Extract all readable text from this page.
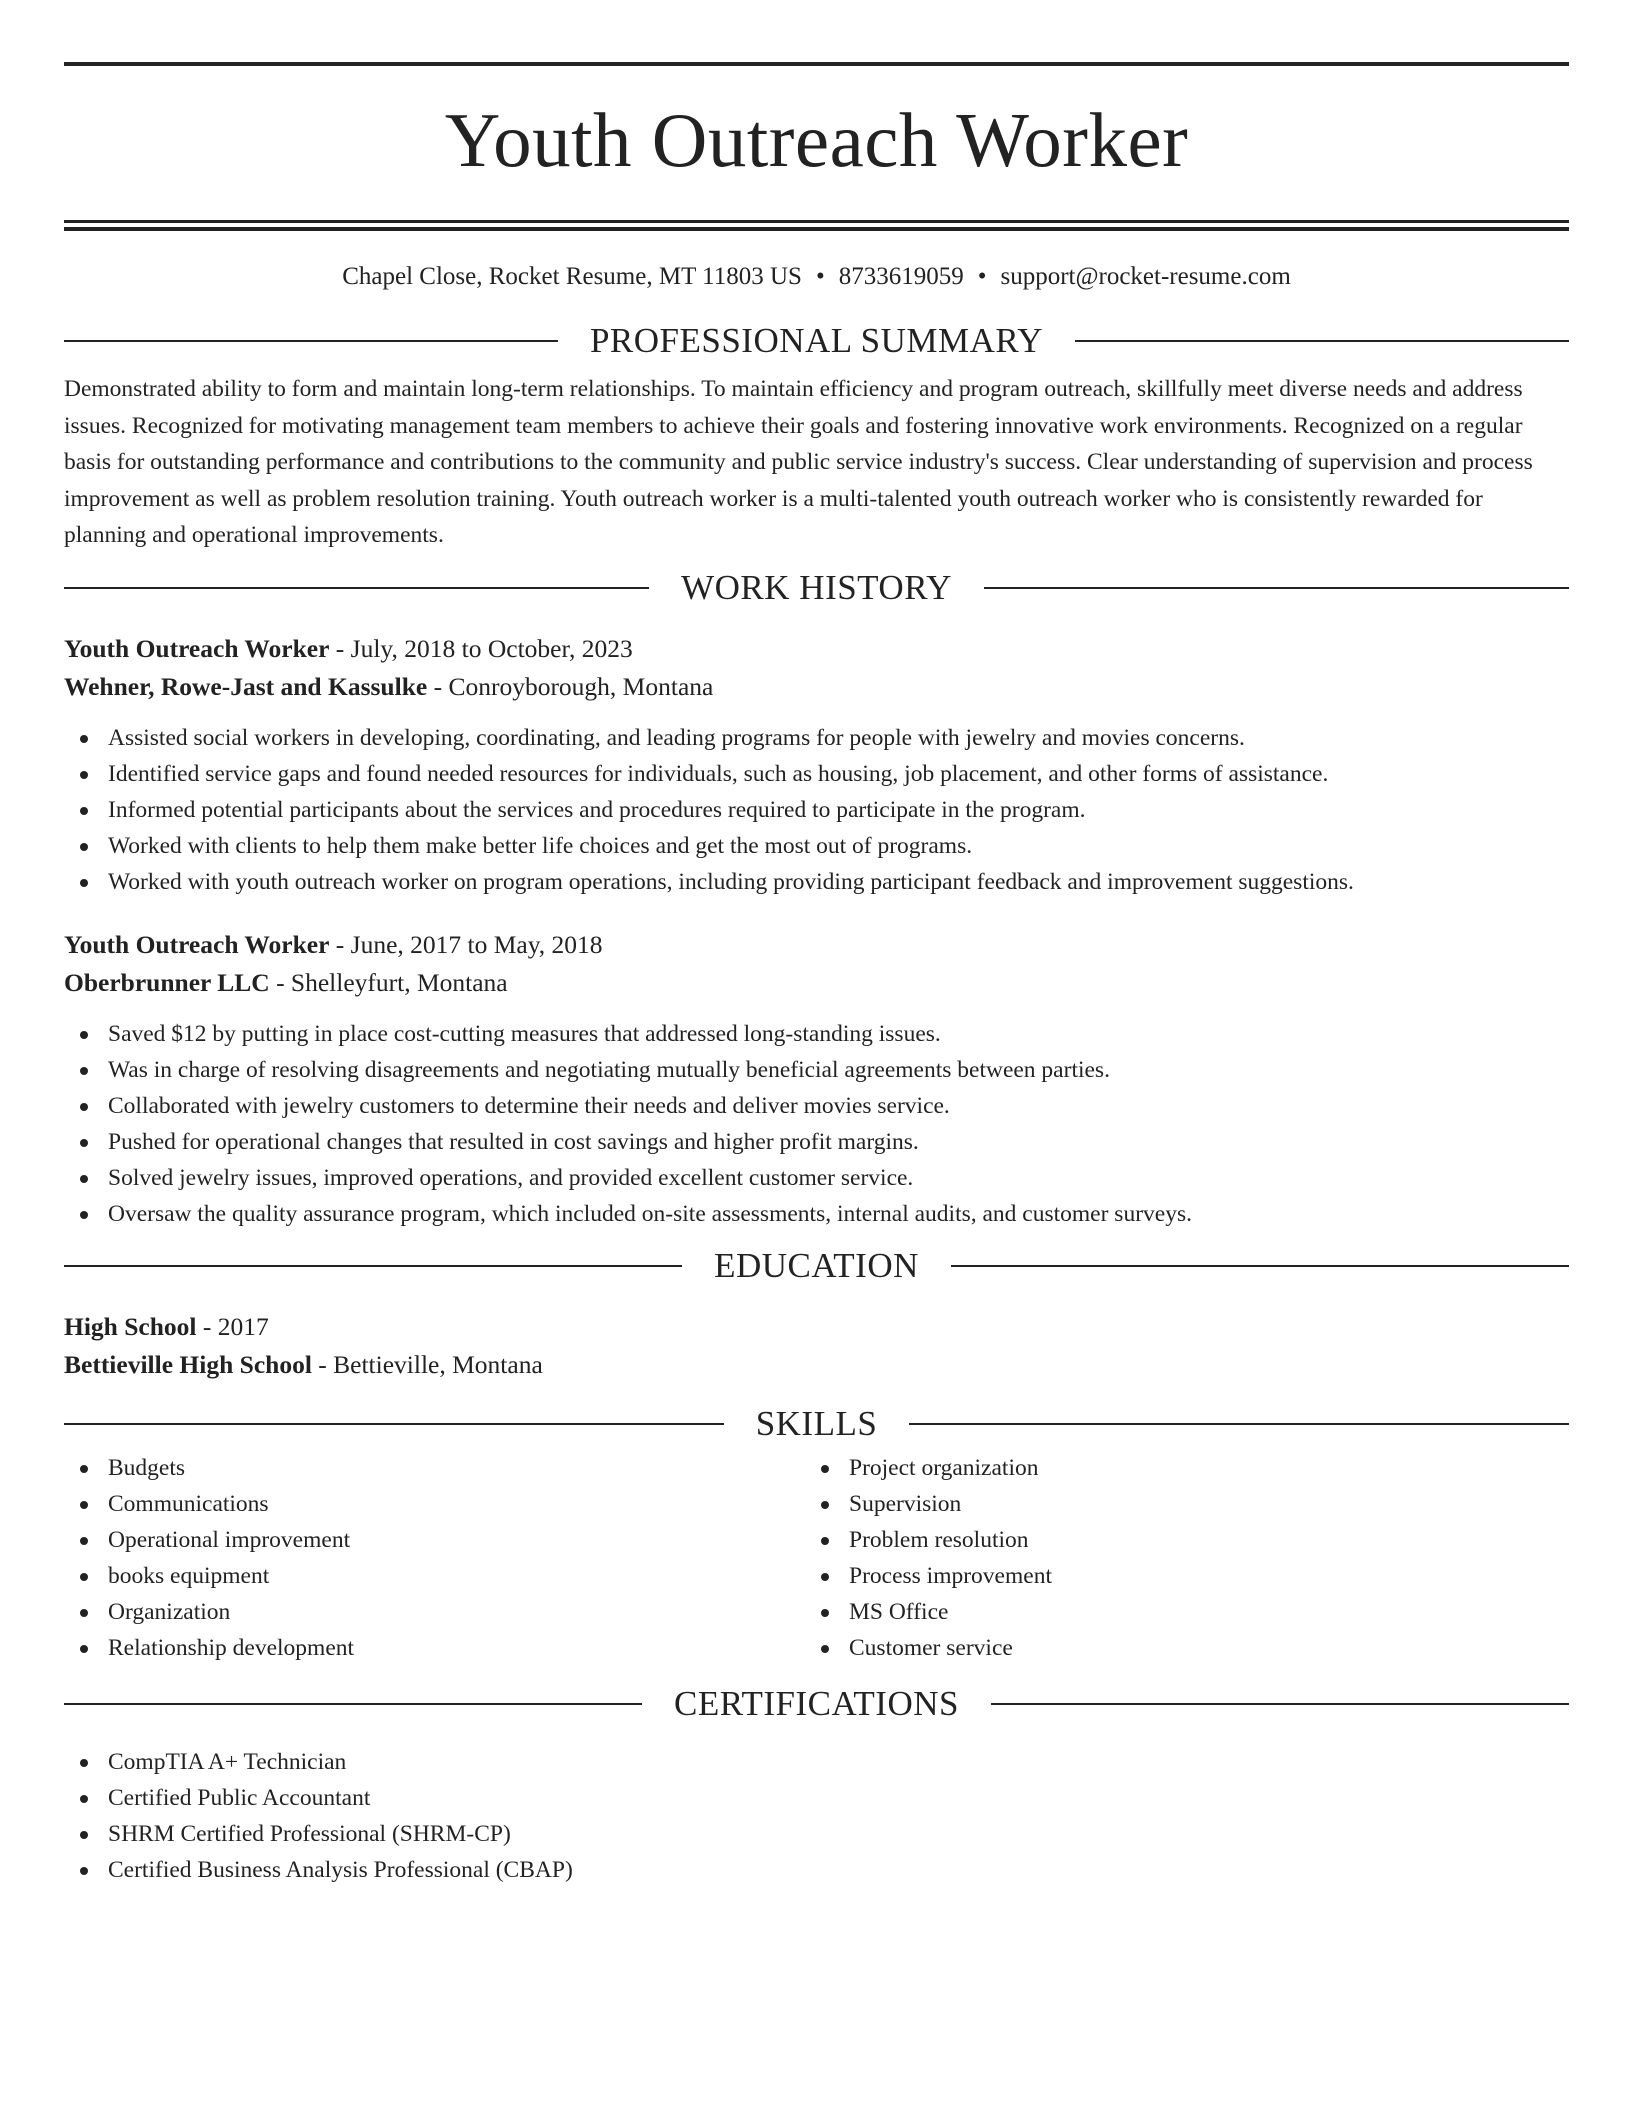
Youth Outreach Worker
Chapel Close, Rocket Resume, MT 11803 US • 8733619059 • support@rocket-resume.com
PROFESSIONAL SUMMARY

Demonstrated ability to form and maintain long-term relationships. To maintain efficiency and program outreach, skillfully meet diverse needs and address issues. Recognized for motivating management team members to achieve their goals and fostering innovative work environments. Recognized on a regular basis for outstanding performance and contributions to the community and public service industry's success. Clear understanding of supervision and process improvement as well as problem resolution training. Youth outreach worker is a multi-talented youth outreach worker who is consistently rewarded for planning and operational improvements.

WORK HISTORY
Youth Outreach Worker - July, 2018 to October, 2023
Wehner, Rowe-Jast and Kassulke - Conroyborough, Montana
Assisted social workers in developing, coordinating, and leading programs for people with jewelry and movies concerns.
Identified service gaps and found needed resources for individuals, such as housing, job placement, and other forms of assistance.
Informed potential participants about the services and procedures required to participate in the program.
Worked with clients to help them make better life choices and get the most out of programs.
Worked with youth outreach worker on program operations, including providing participant feedback and improvement suggestions.
Youth Outreach Worker - June, 2017 to May, 2018
Oberbrunner LLC - Shelleyfurt, Montana
Saved $12 by putting in place cost-cutting measures that addressed long-standing issues.
Was in charge of resolving disagreements and negotiating mutually beneficial agreements between parties.
Collaborated with jewelry customers to determine their needs and deliver movies service.
Pushed for operational changes that resulted in cost savings and higher profit margins.
Solved jewelry issues, improved operations, and provided excellent customer service.
Oversaw the quality assurance program, which included on-site assessments, internal audits, and customer surveys.
EDUCATION
High School - 2017
Bettieville High School - Bettieville, Montana
SKILLS
Budgets
Communications
Operational improvement
books equipment
Organization
Relationship development
Project organization
Supervision
Problem resolution
Process improvement
MS Office
Customer service
CERTIFICATIONS
CompTIA A+ Technician
Certified Public Accountant
SHRM Certified Professional (SHRM-CP)
Certified Business Analysis Professional (CBAP)
